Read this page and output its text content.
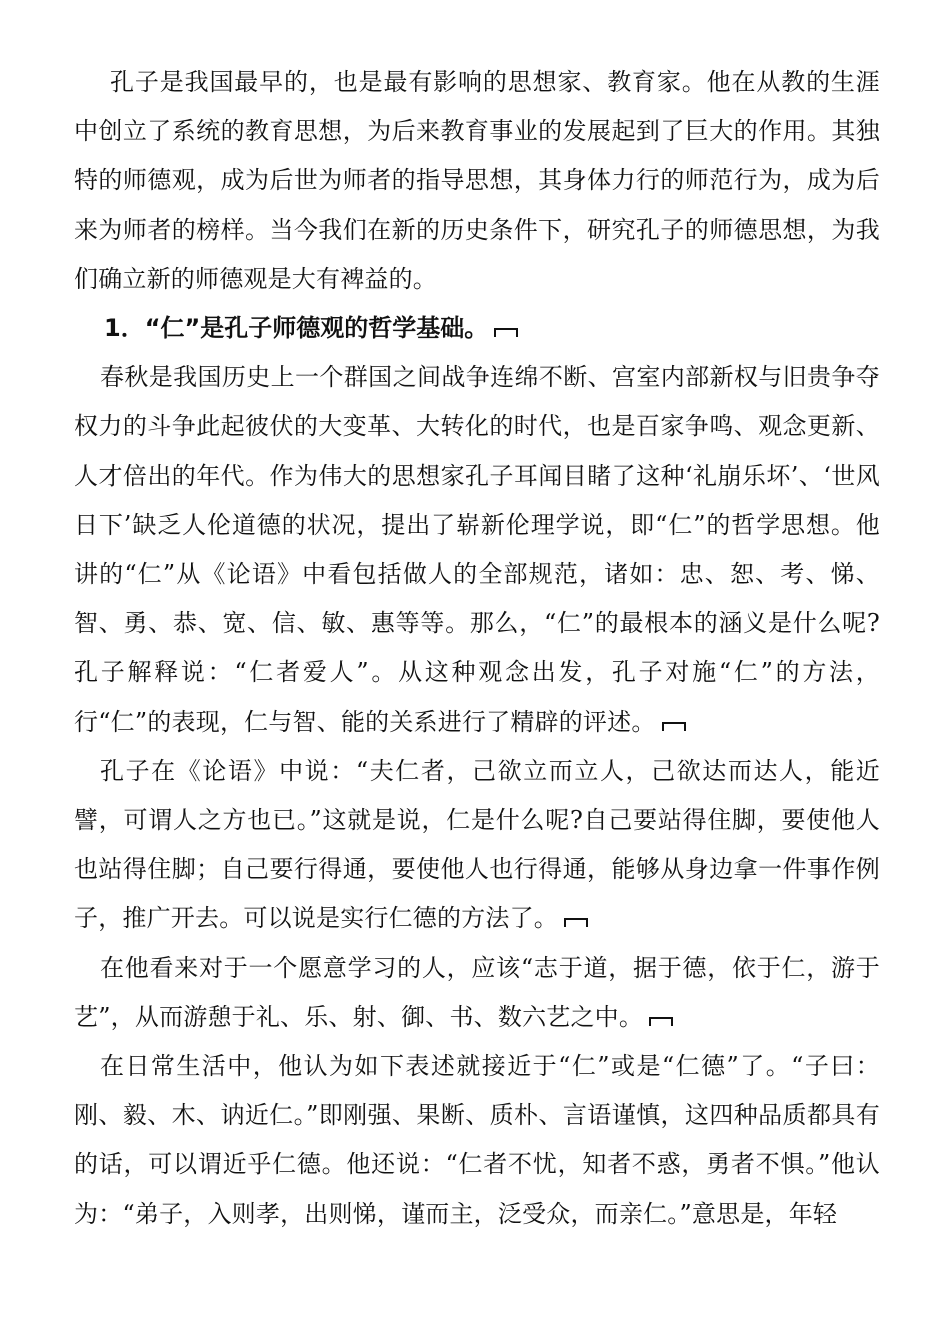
孔子是我国最早的，也是最有影响的思想家、教育家。他在从教的生涯中创立了系统的教育思想，为后来教育事业的发展起到了巨大的作用。其独特的师德观，成为后世为师者的指导思想，其身体力行的师范行为，成为后来为师者的榜样。当今我们在新的历史条件下，研究孔子的师德思想，为我们确立新的师德观是大有裨益的。

1．“仁”是孔子师德观的哲学基础。

春秋是我国历史上一个群国之间战争连绵不断、宫室内部新权与旧贵争夺权力的斗争此起彼伏的大变革、大转化的时代，也是百家争鸣、观念更新、人才倍出的年代。作为伟大的思想家孔子耳闻目睹了这种‘礼崩乐坏’、‘世风日下’缺乏人伦道德的状况，提出了崭新伦理学说，即“仁”的哲学思想。他讲的“仁”从《论语》中看包括做人的全部规范，诸如：忠、恕、考、悌、智、勇、恭、宽、信、敏、惠等等。那么，“仁”的最根本的涵义是什么呢?孔子解释说：“仁者爱人”。从这种观念出发，孔子对施“仁”的方法，行“仁”的表现，仁与智、能的关系进行了精辟的评述。

孔子在《论语》中说：“夫仁者，己欲立而立人，己欲达而达人，能近譬，可谓人之方也已。”这就是说，仁是什么呢?自己要站得住脚，要使他人也站得住脚；自己要行得通，要使他人也行得通，能够从身边拿一件事作例子，推广开去。可以说是实行仁德的方法了。

在他看来对于一个愿意学习的人，应该“志于道，据于德，依于仁，游于艺”，从而游憩于礼、乐、射、御、书、数六艺之中。

在日常生活中，他认为如下表述就接近于“仁”或是“仁德”了。“子曰：刚、毅、木、讷近仁。”即刚强、果断、质朴、言语谨慎，这四种品质都具有的话，可以谓近乎仁德。他还说：“仁者不忧，知者不惑，勇者不惧。”他认为：“弟子，入则孝，出则悌，谨而主，泛受众，而亲仁。”意思是，年轻
